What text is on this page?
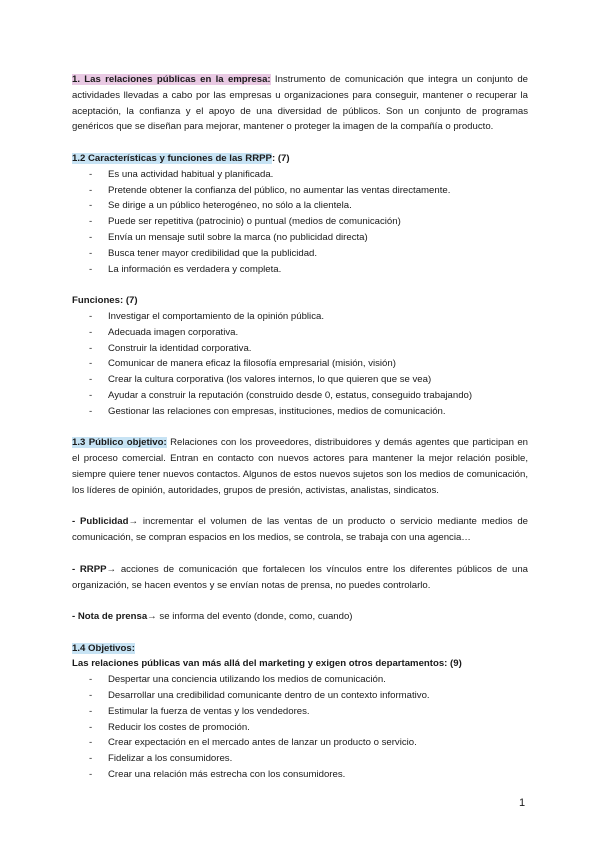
1. Las relaciones públicas en la empresa: Instrumento de comunicación que integra un conjunto de actividades llevadas a cabo por las empresas u organizaciones para conseguir, mantener o recuperar la aceptación, la confianza y el apoyo de una diversidad de públicos. Son un conjunto de programas genéricos que se diseñan para mejorar, mantener o proteger la imagen de la compañía o producto.

1.2 Características y funciones de las RRPP: (7)

- Es una actividad habitual y planificada.
- Pretende obtener la confianza del público, no aumentar las ventas directamente.
- Se dirige a un público heterogéneo, no sólo a la clientela.
- Puede ser repetitiva (patrocinio) o puntual (medios de comunicación)
- Envía un mensaje sutil sobre la marca (no publicidad directa)
- Busca tener mayor credibilidad que la publicidad.
- La información es verdadera y completa.

Funciones: (7)

- Investigar el comportamiento de la opinión pública.
- Adecuada imagen corporativa.
- Construir la identidad corporativa.
- Comunicar de manera eficaz la filosofía empresarial (misión, visión)
- Crear la cultura corporativa (los valores internos, lo que quieren que se vea)
- Ayudar a construir la reputación (construido desde 0, estatus, conseguido trabajando)
- Gestionar las relaciones con empresas, instituciones, medios de comunicación.

1.3 Público objetivo: Relaciones con los proveedores, distribuidores y demás agentes que participan en el proceso comercial. Entran en contacto con nuevos actores para mantener la mejor relación posible, siempre quiere tener nuevos contactos. Algunos de estos nuevos sujetos son los medios de comunicación, los líderes de opinión, autoridades, grupos de presión, activistas, analistas, sindicatos.

- Publicidad→ incrementar el volumen de las ventas de un producto o servicio mediante medios de comunicación, se compran espacios en los medios, se controla, se trabaja con una agencia…

- RRPP→ acciones de comunicación que fortalecen los vínculos entre los diferentes públicos de una organización, se hacen eventos y se envían notas de prensa, no puedes controlarlo.

- Nota de prensa→ se informa del evento (donde, como, cuando)

1.4 Objetivos:

Las relaciones públicas van más allá del marketing y exigen otros departamentos: (9)

- Despertar una conciencia utilizando los medios de comunicación.
- Desarrollar una credibilidad comunicante dentro de un contexto informativo.
- Estimular la fuerza de ventas y los vendedores.
- Reducir los costes de promoción.
- Crear expectación en el mercado antes de lanzar un producto o servicio.
- Fidelizar a los consumidores.
- Crear una relación más estrecha con los consumidores.
1
